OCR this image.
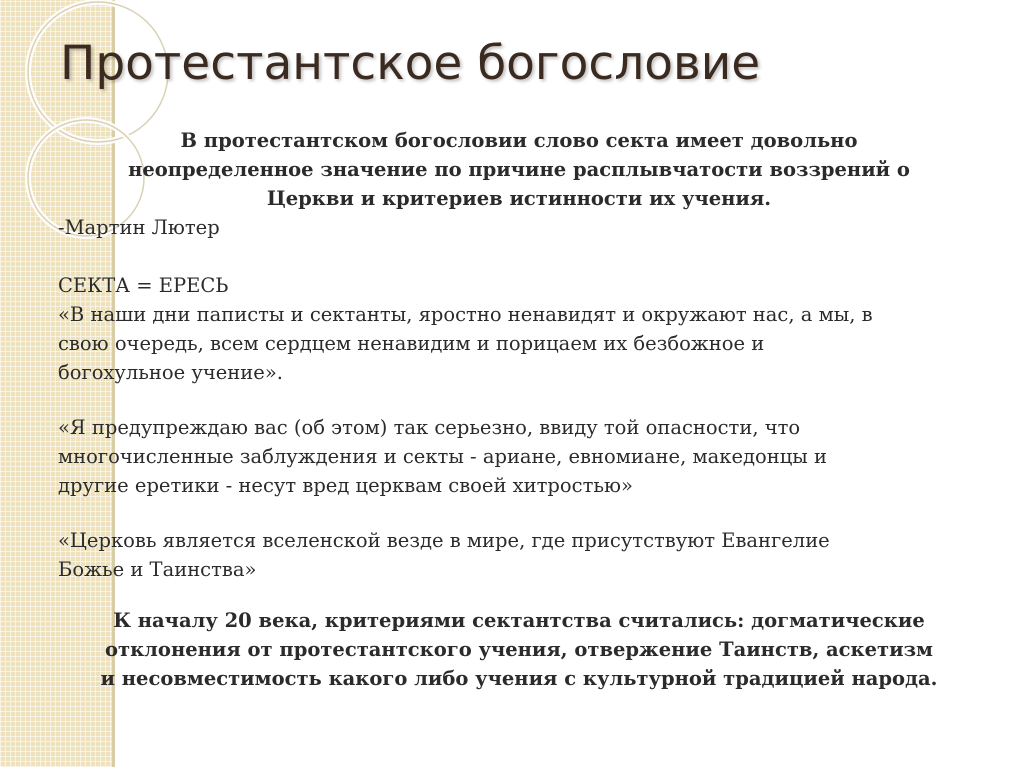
Протестантское богословие
В протестантском богословии слово секта имеет довольно
неопределенное значение по причине расплывчатости воззрений о
Церкви и критериев истинности их учения.
-Мартин Лютер
СЕКТА = ЕРЕСЬ
«В наши дни паписты и сектанты, яростно ненавидят и окружают нас, а мы, в
свою очередь, всем сердцем ненавидим и порицаем их безбожное и
богохульное учение».
«Я предупреждаю вас (об этом) так серьезно, ввиду той опасности, что
многочисленные заблуждения и секты - ариане, евномиане, македонцы и
другие еретики - несут вред церквам своей хитростью»
«Церковь является вселенской везде в мире, где присутствуют Евангелие
Божье и Таинства»
К началу 20 века, критериями сектантства считались: догматические
отклонения от протестантского учения, отвержение Таинств, аскетизм
и несовместимость какого либо учения с культурной традицией народа.
